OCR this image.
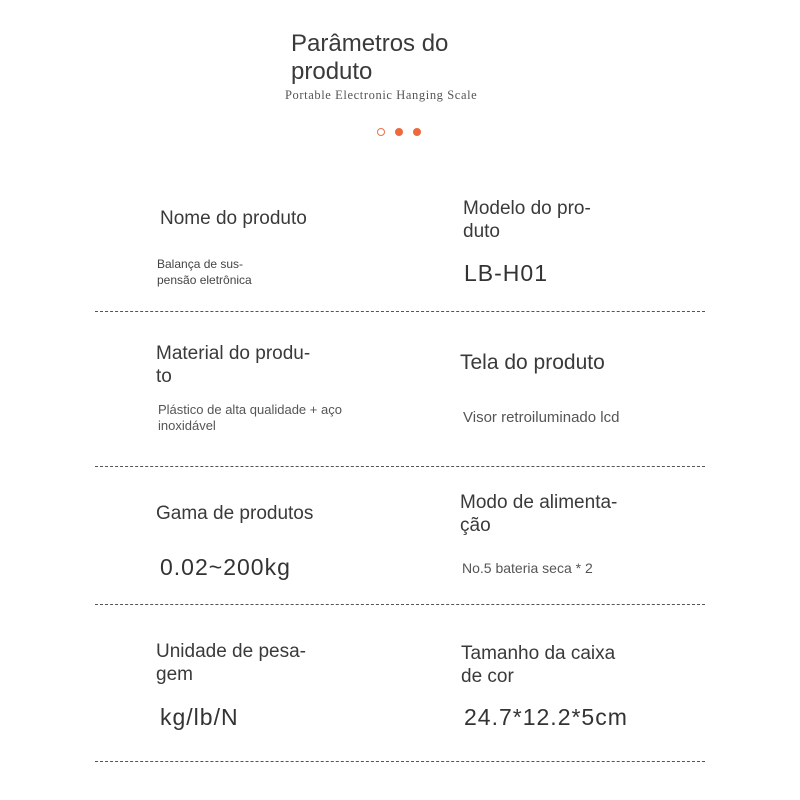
Parâmetros do
produto
Portable Electronic Hanging Scale
Nome do produto
Balança de sus-
pensão eletrônica
Modelo do pro-
duto
LB-H01
Material do produ-
to
Plástico de alta qualidade + aço
inoxidável
Tela do produto
Visor retroiluminado lcd
Gama de produtos
0.02~200kg
Modo de alimenta-
ção
No.5 bateria seca * 2
Unidade de pesa-
gem
kg/lb/N
Tamanho da caixa
de cor
24.7*12.2*5cm
